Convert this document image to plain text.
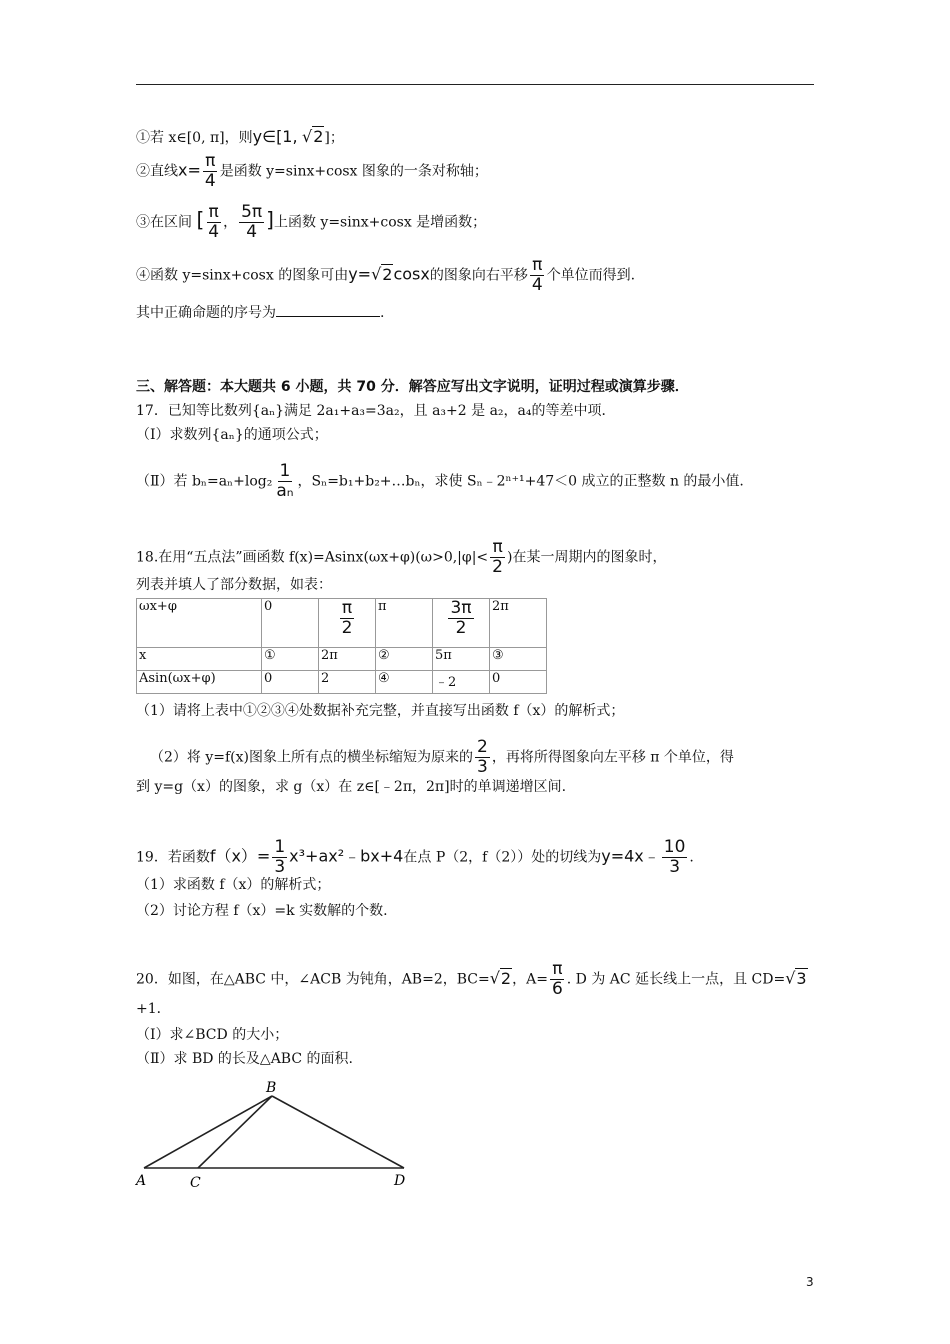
①若 x∈[0, π]，则y∈[1, √2]；
②直线$x= \frac{\pi}{4}$ 是函数 y=sinx+cosx 图象的一条对称轴；
③在区间 [ $\frac{\pi}{4}$ ， $\frac{5\pi}{4}$ ]上函数 y=sinx+cosx 是增函数；
④函数 y=sinx+cosx 的图象可由y=√2cosx的图象向右平移 $\frac{\pi}{4}$ 个单位而得到.
其中正确命题的序号为	.
三、解答题：本大题共 6 小题，共 70 分．解答应写出文字说明，证明过程或演算步骤．
17．已知等比数列{aₙ}满足 2a₁+a₃=3a₂，且 a₃+2 是 a₂，a₄的等差中项．
（Ⅰ）求数列{aₙ}的通项公式；
（Ⅱ）若 $b_n=a_n+\log_2 \frac{1}{\text{aₙ}}$ ，Sₙ=b₁+b₂+…bₙ，求使 Sₙ﹣2ⁿ⁺¹+47＜0 成立的正整数 n 的最小值.
18.在用“五点法”画函数 $f(x)=Asinx(\omega x+\varphi)(\omega>0,|\varphi|< \frac{\pi}{2}$ )在某一周期内的图象时，
列表并填人了部分数据，如表：
ωx+φ	0	$\frac{\pi}{2}$	π	$\frac{3\pi}{2}$	2π
x	①	2π	②	5π	③
Asin(ωx+φ)	0	2	④	﹣2	0
（1）请将上表中①②③④处数据补充完整，并直接写出函数 f（x）的解析式；
（2）将 y=f(x)图象上所有点的横坐标缩短为原来的 $\frac{2}{3}$ ，再将所得图象向左平移 π 个单位，得
到 y=g（x）的图象，求 g（x）在 z∈[﹣2π，2π]时的单调递增区间.
19．若函数$f(x)= \frac{1}{3}$ x³+ax²﹣bx+4在点 P（2，f（2））处的切线为y=4x﹣ $\frac{10}{3}$ .
（1）求函数 f（x）的解析式；
（2）讨论方程 f（x）=k 实数解的个数.
20．如图，在△ABC 中，∠ACB 为钝角，AB=2，BC=√2，$A= \frac{\pi}{6}$ . D 为 AC 延长线上一点，且 CD=√3
+1．
（Ⅰ）求∠BCD 的大小；
（Ⅱ）求 BD 的长及△ABC 的面积.
B
A	C	D
3
